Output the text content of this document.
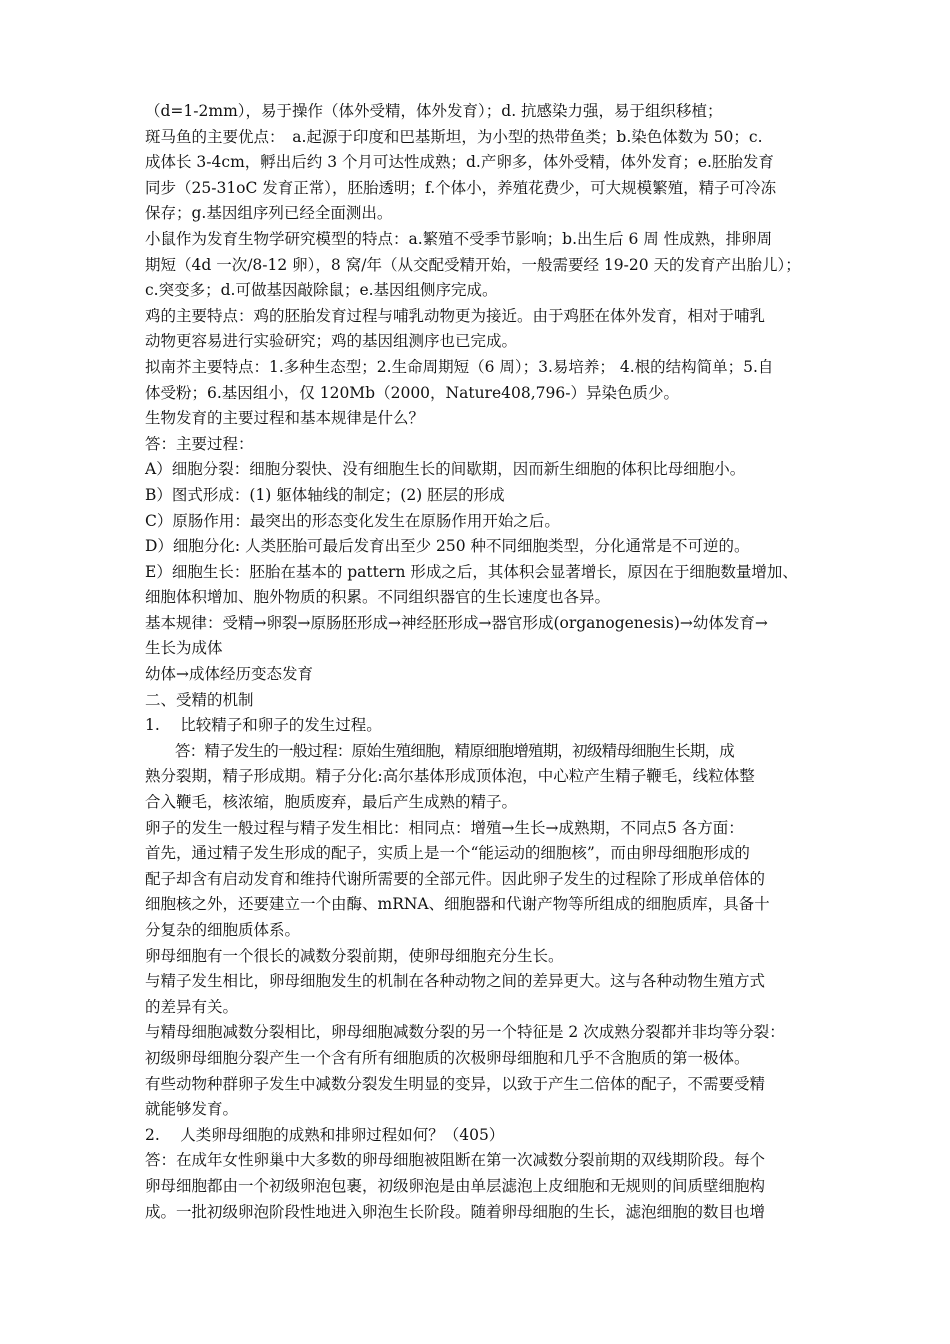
（d=1-2mm），易于操作（体外受精，体外发育）；d. 抗感染力强，易于组织移植；
斑马鱼的主要优点：　a.起源于印度和巴基斯坦，为小型的热带鱼类；b.染色体数为 50；c.
成体长 3-4cm，孵出后约 3 个月可达性成熟；d.产卵多，体外受精，体外发育；e.胚胎发育
同步（25-31oC 发育正常），胚胎透明；f.个体小，养殖花费少，可大规模繁殖，精子可冷冻
保存；g.基因组序列已经全面测出。
小鼠作为发育生物学研究模型的特点：a.繁殖不受季节影响；b.出生后 6 周 性成熟，排卵周
期短（4d 一次/8-12 卵），8 窝/年（从交配受精开始，一般需要经 19-20 天的发育产出胎儿）；
c.突变多；d.可做基因敲除鼠；e.基因组侧序完成。
鸡的主要特点：鸡的胚胎发育过程与哺乳动物更为接近。由于鸡胚在体外发育，相对于哺乳
动物更容易进行实验研究；鸡的基因组测序也已完成。
拟南芥主要特点：1.多种生态型；2.生命周期短（6 周）；3.易培养； 4.根的结构简单；5.自
体受粉；6.基因组小，仅 120Mb（2000，Nature408,796-）异染色质少。
生物发育的主要过程和基本规律是什么？
答：主要过程：
A）细胞分裂：细胞分裂快、没有细胞生长的间歇期，因而新生细胞的体积比母细胞小。
B）图式形成：(1) 躯体轴线的制定；(2) 胚层的形成
C）原肠作用：最突出的形态变化发生在原肠作用开始之后。
D）细胞分化: 人类胚胎可最后发育出至少 250 种不同细胞类型，分化通常是不可逆的。
E）细胞生长：胚胎在基本的 pattern 形成之后，其体积会显著增长，原因在于细胞数量增加、
细胞体积增加、胞外物质的积累。不同组织器官的生长速度也各异。
基本规律：受精→卵裂→原肠胚形成→神经胚形成→器官形成(organogenesis)→幼体发育→
生长为成体
幼体→成体经历变态发育
二、受精的机制
1.　 比较精子和卵子的发生过程。
答：精子发生的一般过程：原始生殖细胞，精原细胞增殖期，初级精母细胞生长期，成
熟分裂期，精子形成期。精子分化:高尔基体形成顶体泡，中心粒产生精子鞭毛，线粒体整
合入鞭毛，核浓缩，胞质废弃，最后产生成熟的精子。
卵子的发生一般过程与精子发生相比：相同点：增殖→生长→成熟期，不同点5 各方面：
首先，通过精子发生形成的配子，实质上是一个“能运动的细胞核”，而由卵母细胞形成的
配子却含有启动发育和维持代谢所需要的全部元件。因此卵子发生的过程除了形成单倍体的
细胞核之外，还要建立一个由酶、mRNA、细胞器和代谢产物等所组成的细胞质库，具备十
分复杂的细胞质体系。
卵母细胞有一个很长的减数分裂前期，使卵母细胞充分生长。
与精子发生相比，卵母细胞发生的机制在各种动物之间的差异更大。这与各种动物生殖方式
的差异有关。
与精母细胞减数分裂相比，卵母细胞减数分裂的另一个特征是 2 次成熟分裂都并非均等分裂：
初级卵母细胞分裂产生一个含有所有细胞质的次极卵母细胞和几乎不含胞质的第一极体。
有些动物种群卵子发生中减数分裂发生明显的变异，以致于产生二倍体的配子，不需要受精
就能够发育。
2.　 人类卵母细胞的成熟和排卵过程如何？（405）
答：在成年女性卵巢中大多数的卵母细胞被阻断在第一次减数分裂前期的双线期阶段。每个
卵母细胞都由一个初级卵泡包裹，初级卵泡是由单层滤泡上皮细胞和无规则的间质壁细胞构
成。一批初级卵泡阶段性地进入卵泡生长阶段。随着卵母细胞的生长，滤泡细胞的数目也增
